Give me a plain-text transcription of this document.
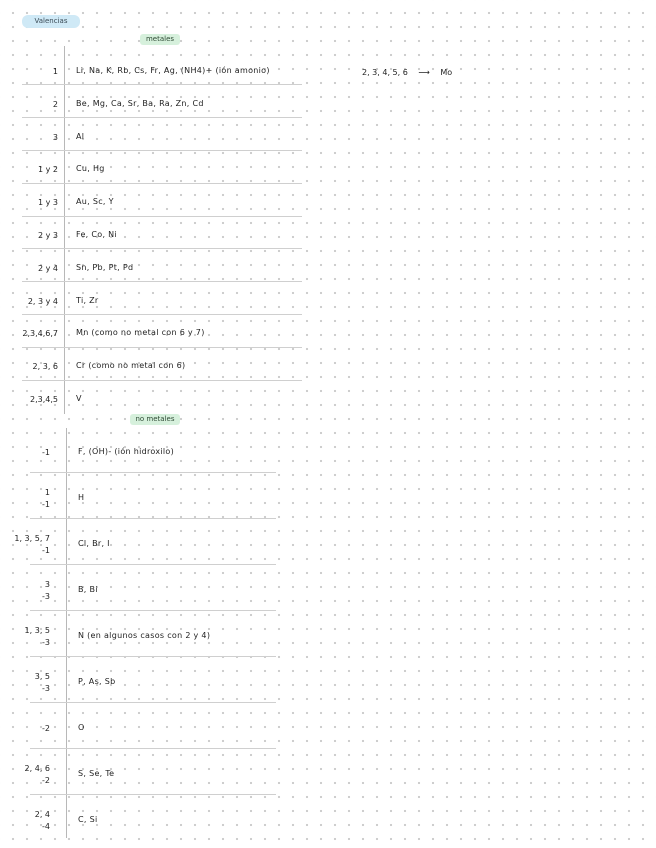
Valencias
metales
no metales
1 Li, Na, K, Rb, Cs, Fr, Ag, (NH4)+ (ión amonio)
2 Be, Mg, Ca, Sr, Ba, Ra, Zn, Cd
3 Al
1 y 2 Cu, Hg
1 y 3 Au, Sc, Y
2 y 3 Fe, Co, Ni
2 y 4 Sn, Pb, Pt, Pd
2, 3 y 4 Ti, Zr
2,3,4,6,7 Mn (como no metal con 6 y 7)
2, 3, 6 Cr (como no metal con 6)
2,3,4,5 V
-1	F, (OH)- (ión hidroxilo)
1
-1
H
1, 3, 5, 7
-1
Cl, Br, I
3
-3
B, Bi
1, 3, 5
-3
N (en algunos casos con 2 y 4)
3, 5
-3
P, As, Sb
-2	O
2, 4, 6
-2
S, Se, Te
2, 4
-4
C, Si
2, 3, 4, 5, 6 ⟶ Mo
